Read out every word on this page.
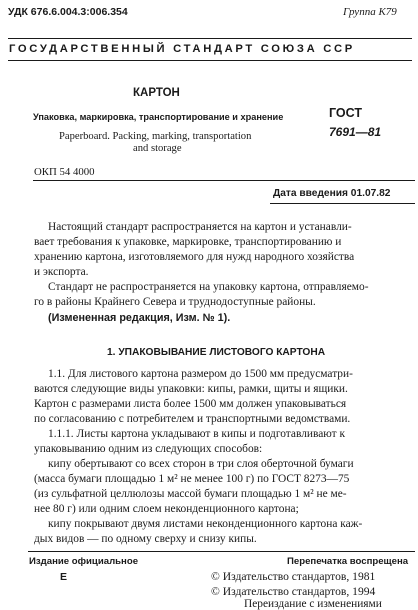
УДК 676.6.004.3:006.354	Группа К79
ГОСУДАРСТВЕННЫЙ СТАНДАРТ СОЮЗА ССР
КАРТОН
Упаковка, маркировка, транспортирование и хранение
Paperboard. Packing, marking, transportation
and storage
ГОСТ
7691—81
ОКП 54 4000
Дата введения 01.07.82
Настоящий стандарт распространяется на картон и устанавли-
вает требования к упаковке, маркировке, транспортированию и
хранению картона, изготовляемого для нужд народного хозяйства
и экспорта.
Стандарт не распространяется на упаковку картона, отправляемо-
го в районы Крайнего Севера и труднодоступные районы.
(Измененная редакция, Изм. № 1).
1. УПАКОВЫВАНИЕ ЛИСТОВОГО КАРТОНА
1.1. Для листового картона размером до 1500 мм предусматри-
ваются следующие виды упаковки: кипы, рамки, щиты и ящики.
Картон с размерами листа более 1500 мм должен упаковываться
по согласованию с потребителем и транспортными ведомствами.
1.1.1. Листы картона укладывают в кипы и подготавливают к
упаковыванию одним из следующих способов:
кипу обертывают со всех сторон в три слоя оберточной бумаги
(масса бумаги площадью 1 м² не менее 100 г) по ГОСТ 8273—75
(из сульфатной целлюлозы массой бумаги площадью 1 м² не ме-
нее 80 г) или одним слоем неконденционного картона;
кипу покрывают двумя листами неконденционного картона каж-
дых видов — по одному сверху и снизу кипы.
Издание официальное	Перепечатка воспрещена
Е	© Издательство стандартов, 1981
© Издательство стандартов, 1994
Переиздание с изменениями
